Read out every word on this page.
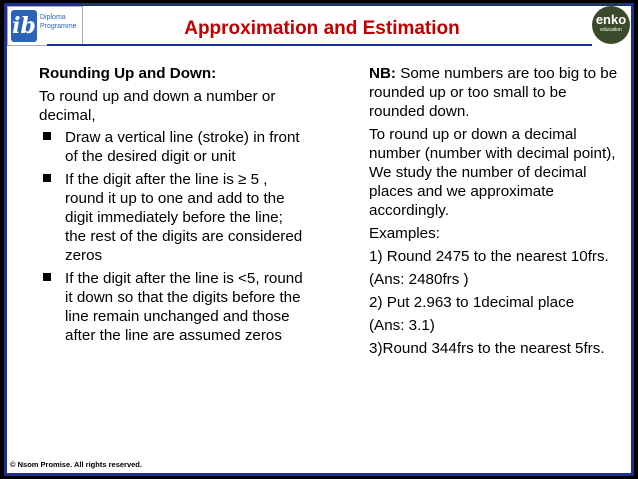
ib Diploma
Programme	Approximation and Estimation	enko
education
Rounding Up and Down:

To round up and down a number or decimal,

Draw a vertical line (stroke) in front of the desired digit or unit
If the digit after the line is ≥ 5 , round it up to one and add to the digit immediately before the line; the rest of the digits are considered zeros
If the digit after the line is <5, round it down so that the digits before the line remain unchanged and those after the line are assumed zeros

NB: Some numbers are too big to be rounded up or too small to be rounded down.

To round up or down a decimal number (number with decimal point), We study the number of decimal places and we approximate accordingly.

Examples:

1) Round 2475 to the nearest 10frs.

(Ans: 2480frs )

2) Put 2.963 to 1decimal place

(Ans: 3.1)

3)Round 344frs to the nearest 5frs.

© Nsom Promise. All rights reserved.
